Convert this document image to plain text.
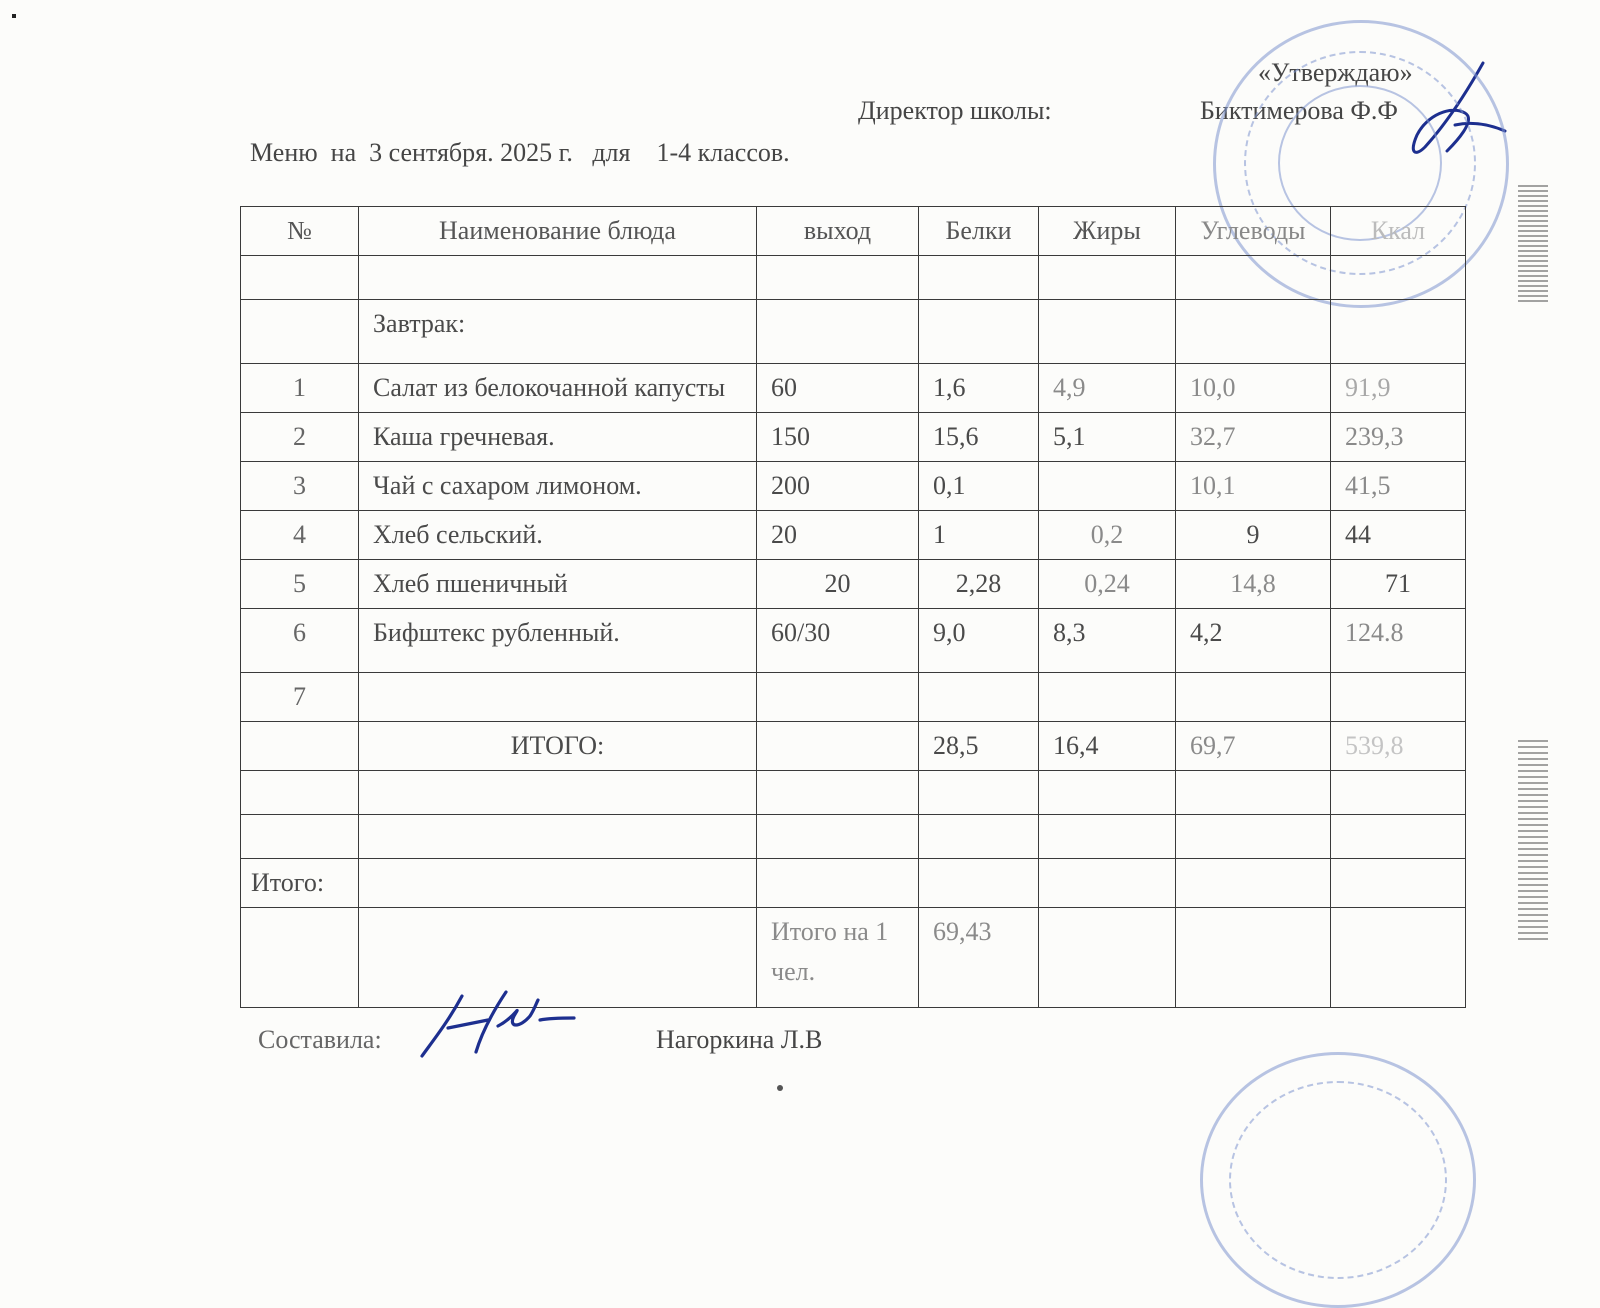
«Утверждаю»
Директор школы:	Биктимерова Ф.Ф
Меню  на  3 сентября. 2025 г.   для    1-4 классов.
№	Наименование блюда	выход	Белки	Жиры	Углеводы	Ккал

	Завтрак:					
1	Салат из белокочанной капусты	60	1,6	4,9	10,0	91,9
2	Каша гречневая.	150	15,6	5,1	32,7	239,3
3	Чай с сахаром лимоном.	200	0,1		10,1	41,5
4	Хлеб сельский.	20	1	0,2	9	44
5	Хлеб пшеничный	20	2,28	0,24	14,8	71
6	Бифштекс рубленный.	60/30	9,0	8,3	4,2	124.8
7						
	ИТОГО:		28,5	16,4	69,7	539,8

Итого:						
		Итого на 1 чел.	69,43			
Составила:	Нагоркина Л.В
